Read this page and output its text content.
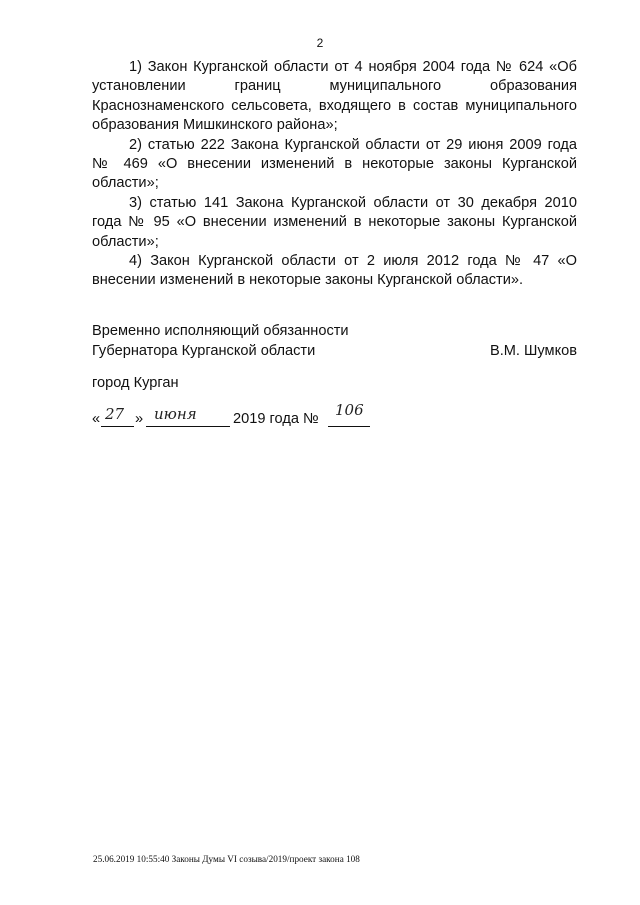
2

1) Закон Курганской области от 4 ноября 2004 года № 624 «Об установлении границ муниципального образования Краснознаменского сельсовета, входящего в состав муниципального образования Мишкинского района»;

2) статью 222 Закона Курганской области от 29 июня 2009 года № 469 «О внесении изменений в некоторые законы Курганской области»;

3) статью 141 Закона Курганской области от 30 декабря 2010 года № 95 «О внесении изменений в некоторые законы Курганской области»;

4) Закон Курганской области от 2 июля 2012 года № 47 «О внесении изменений в некоторые законы Курганской области».

Временно исполняющий обязанности
Губернатора Курганской области	В.М. Шумков
город Курган
« 27 » июня 2019 года № 106
25.06.2019 10:55:40 Законы Думы VI созыва/2019/проект закона 108
